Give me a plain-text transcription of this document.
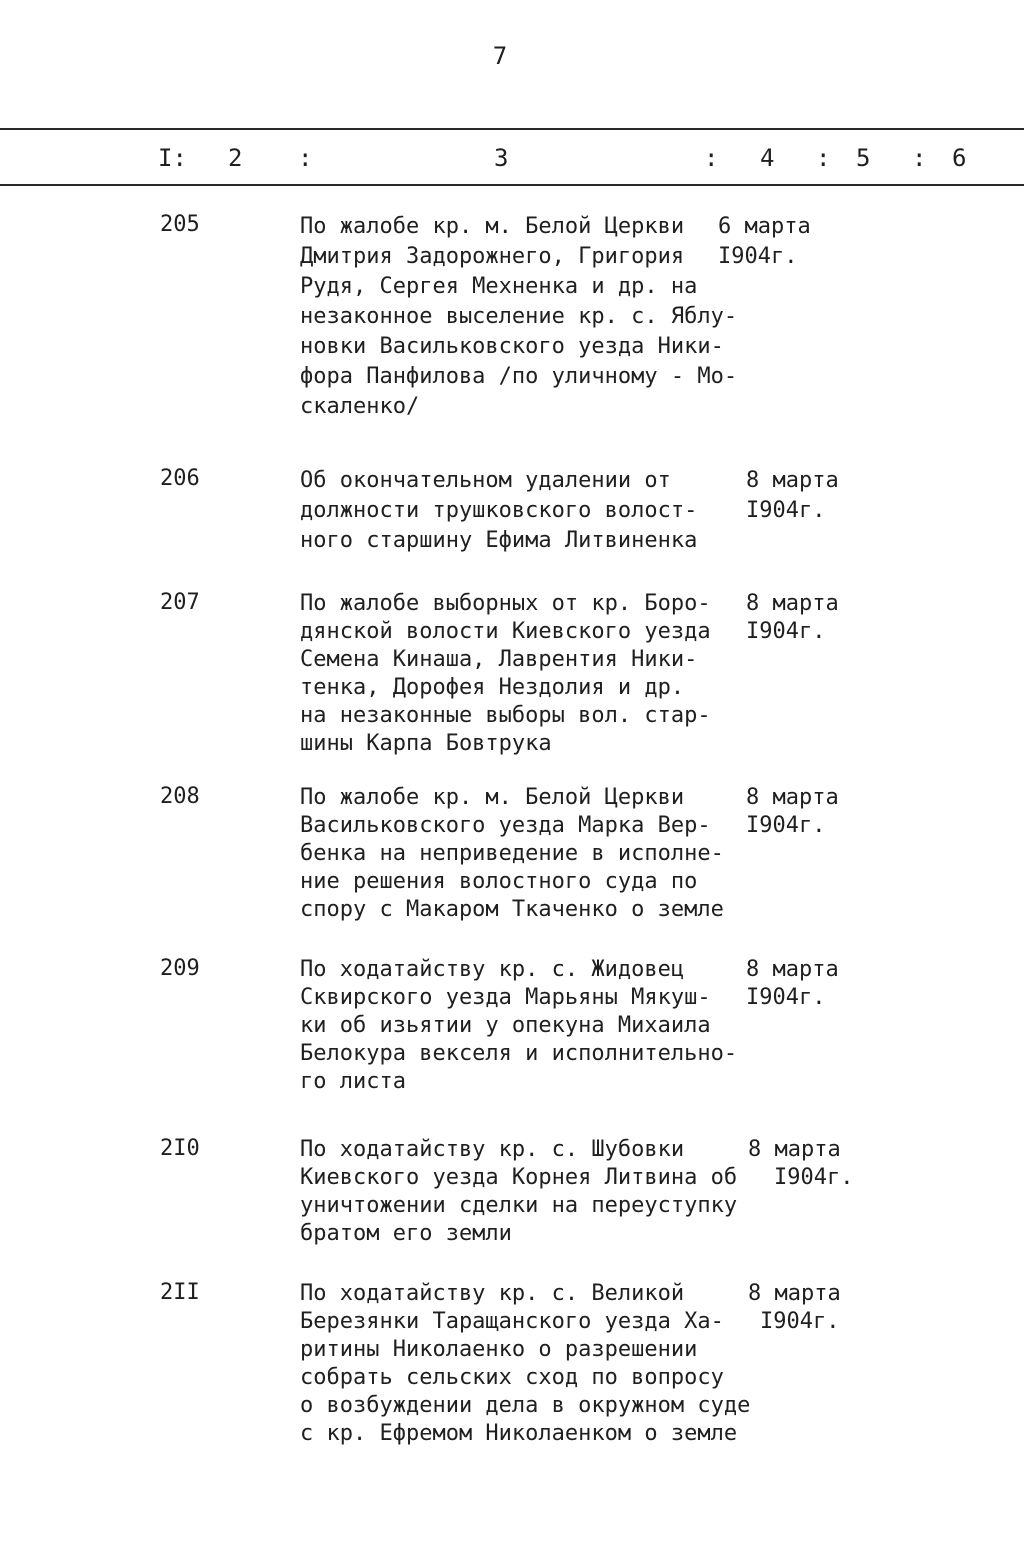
7
I: 2 :	3	: 4 : 5 : 6
205	По жалобе кр. м. Белой Церкви
Дмитрия Задорожнего, Григория
Рудя, Сергея Мехненка и др. на
незаконное выселение кр. с. Яблу-
новки Васильковского уезда Ники-
фора Панфилова /по уличному - Мо-
скаленко/
6 марта
I904г.
206	Об окончательном удалении от
должности трушковского волост-
ного старшину Ефима Литвиненка
8 марта
I904г.
207	По жалобе выборных от кр. Боро-
дянской волости Киевского уезда
Семена Кинаша, Лаврентия Ники-
тенка, Дорофея Нездолия и др.
на незаконные выборы вол. стар-
шины Карпа Бовтрука
8 марта
I904г.
208	По жалобе кр. м. Белой Церкви
Васильковского уезда Марка Вер-
бенка на неприведение в исполне-
ние решения волостного суда по
спору с Макаром Ткаченко о земле
8 марта
I904г.
209	По ходатайству кр. с. Жидовец
Сквирского уезда Марьяны Мякуш-
ки об изьятии у опекуна Михаила
Белокура векселя и исполнительно-
го листа
8 марта
I904г.
2I0	По ходатайству кр. с. Шубовки
Киевского уезда Корнея Литвина об
уничтожении сделки на переуступку
братом его земли
8 марта
I904г.
2II	По ходатайству кр. с. Великой
Березянки Таращанского уезда Ха-
ритины Николаенко о разрешении
собрать сельских сход по вопросу
о возбуждении дела в окружном суде
с кр. Ефремом Николаенком о земле
8 марта
I904г.
